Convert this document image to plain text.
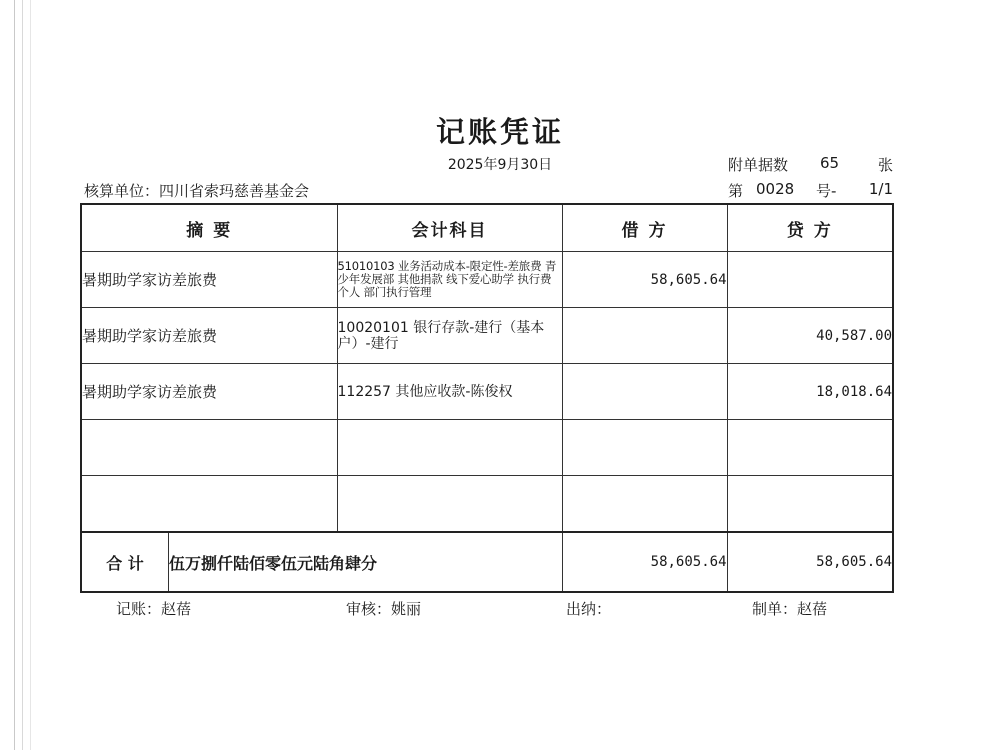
记账凭证
2025年9月30日	附单据数 65	张
核算单位：四川省索玛慈善基金会	第 0028 号- 1/1
摘 要	会计科目	借 方	贷 方
暑期助学家访差旅费	51010103 业务活动成本-限定性-差旅费 青少年发展部 其他捐款 线下爱心助学 执行费 个人 部门执行管理	58,605.64	
暑期助学家访差旅费	10020101 银行存款-建行（基本户）-建行		40,587.00
暑期助学家访差旅费	112257 其他应收款-陈俊权		18,018.64

合 计 伍万捌仟陆佰零伍元陆角肆分		58,605.64	58,605.64
记账：赵蓓	审核：姚丽	出纳：	制单：赵蓓
